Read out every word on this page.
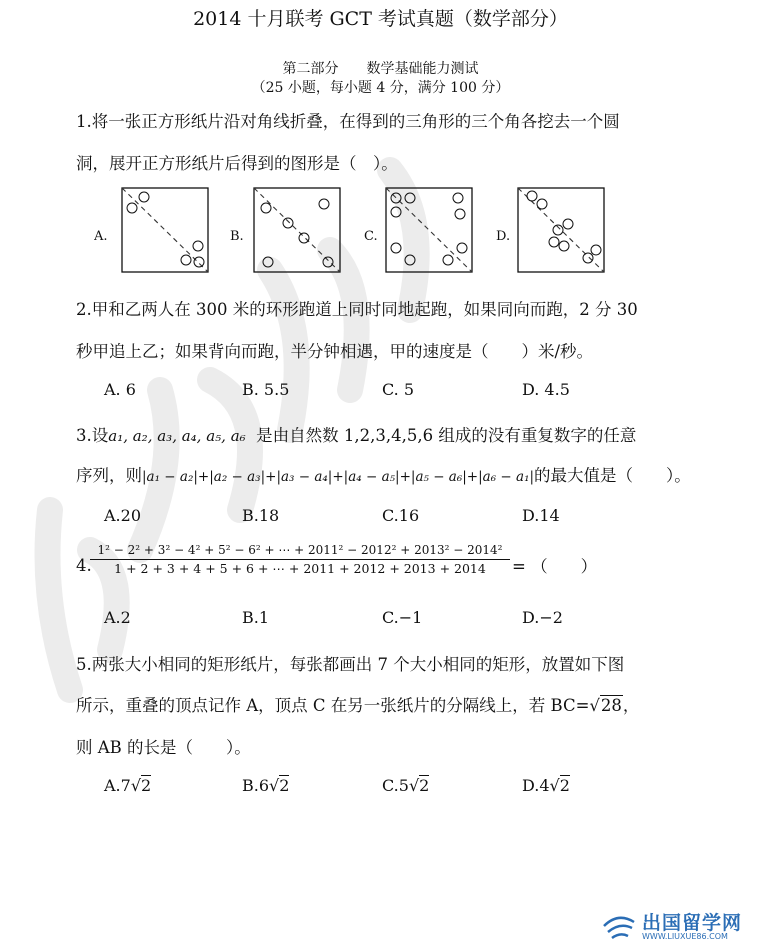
2014 十月联考 GCT 考试真题（数学部分）
第二部分　　数学基础能力测试
（25 小题，每小题 4 分，满分 100 分）
1.将一张正方形纸片沿对角线折叠，在得到的三角形的三个角各挖去一个圆
洞，展开正方形纸片后得到的图形是（　）。
A.	B.	C.	D.
2.甲和乙两人在 300 米的环形跑道上同时同地起跑，如果同向而跑，2 分 30
秒甲追上乙；如果背向而跑，半分钟相遇，甲的速度是（　　）米/秒。
A. 6	B. 5.5	C. 5	D. 4.5
3.设a₁, a₂, a₃, a₄, a₅, a₆ 是由自然数 1,2,3,4,5,6 组成的没有重复数字的任意
序列，则|a₁ − a₂|+|a₂ − a₃|+|a₃ − a₄|+|a₄ − a₅|+|a₅ − a₆|+|a₆ − a₁|的最大值是（　　）。
A.20	B.18	C.16	D.14
4.
1² − 2² + 3² − 4² + 5² − 6² + ⋯ + 2011² − 2012² + 2013² − 2014²
1 + 2 + 3 + 4 + 5 + 6 + ⋯ + 2011 + 2012 + 2013 + 2014	= （　　）
A.2	B.1	C.−1	D.−2
5.两张大小相同的矩形纸片，每张都画出 7 个大小相同的矩形，放置如下图
所示，重叠的顶点记作 A，顶点 C 在另一张纸片的分隔线上，若 BC=√28，
则 AB 的长是（　　）。
A.7√2	B.6√2	C.5√2	D.4√2
出国留学网
WWW.LIUXUE86.COM
